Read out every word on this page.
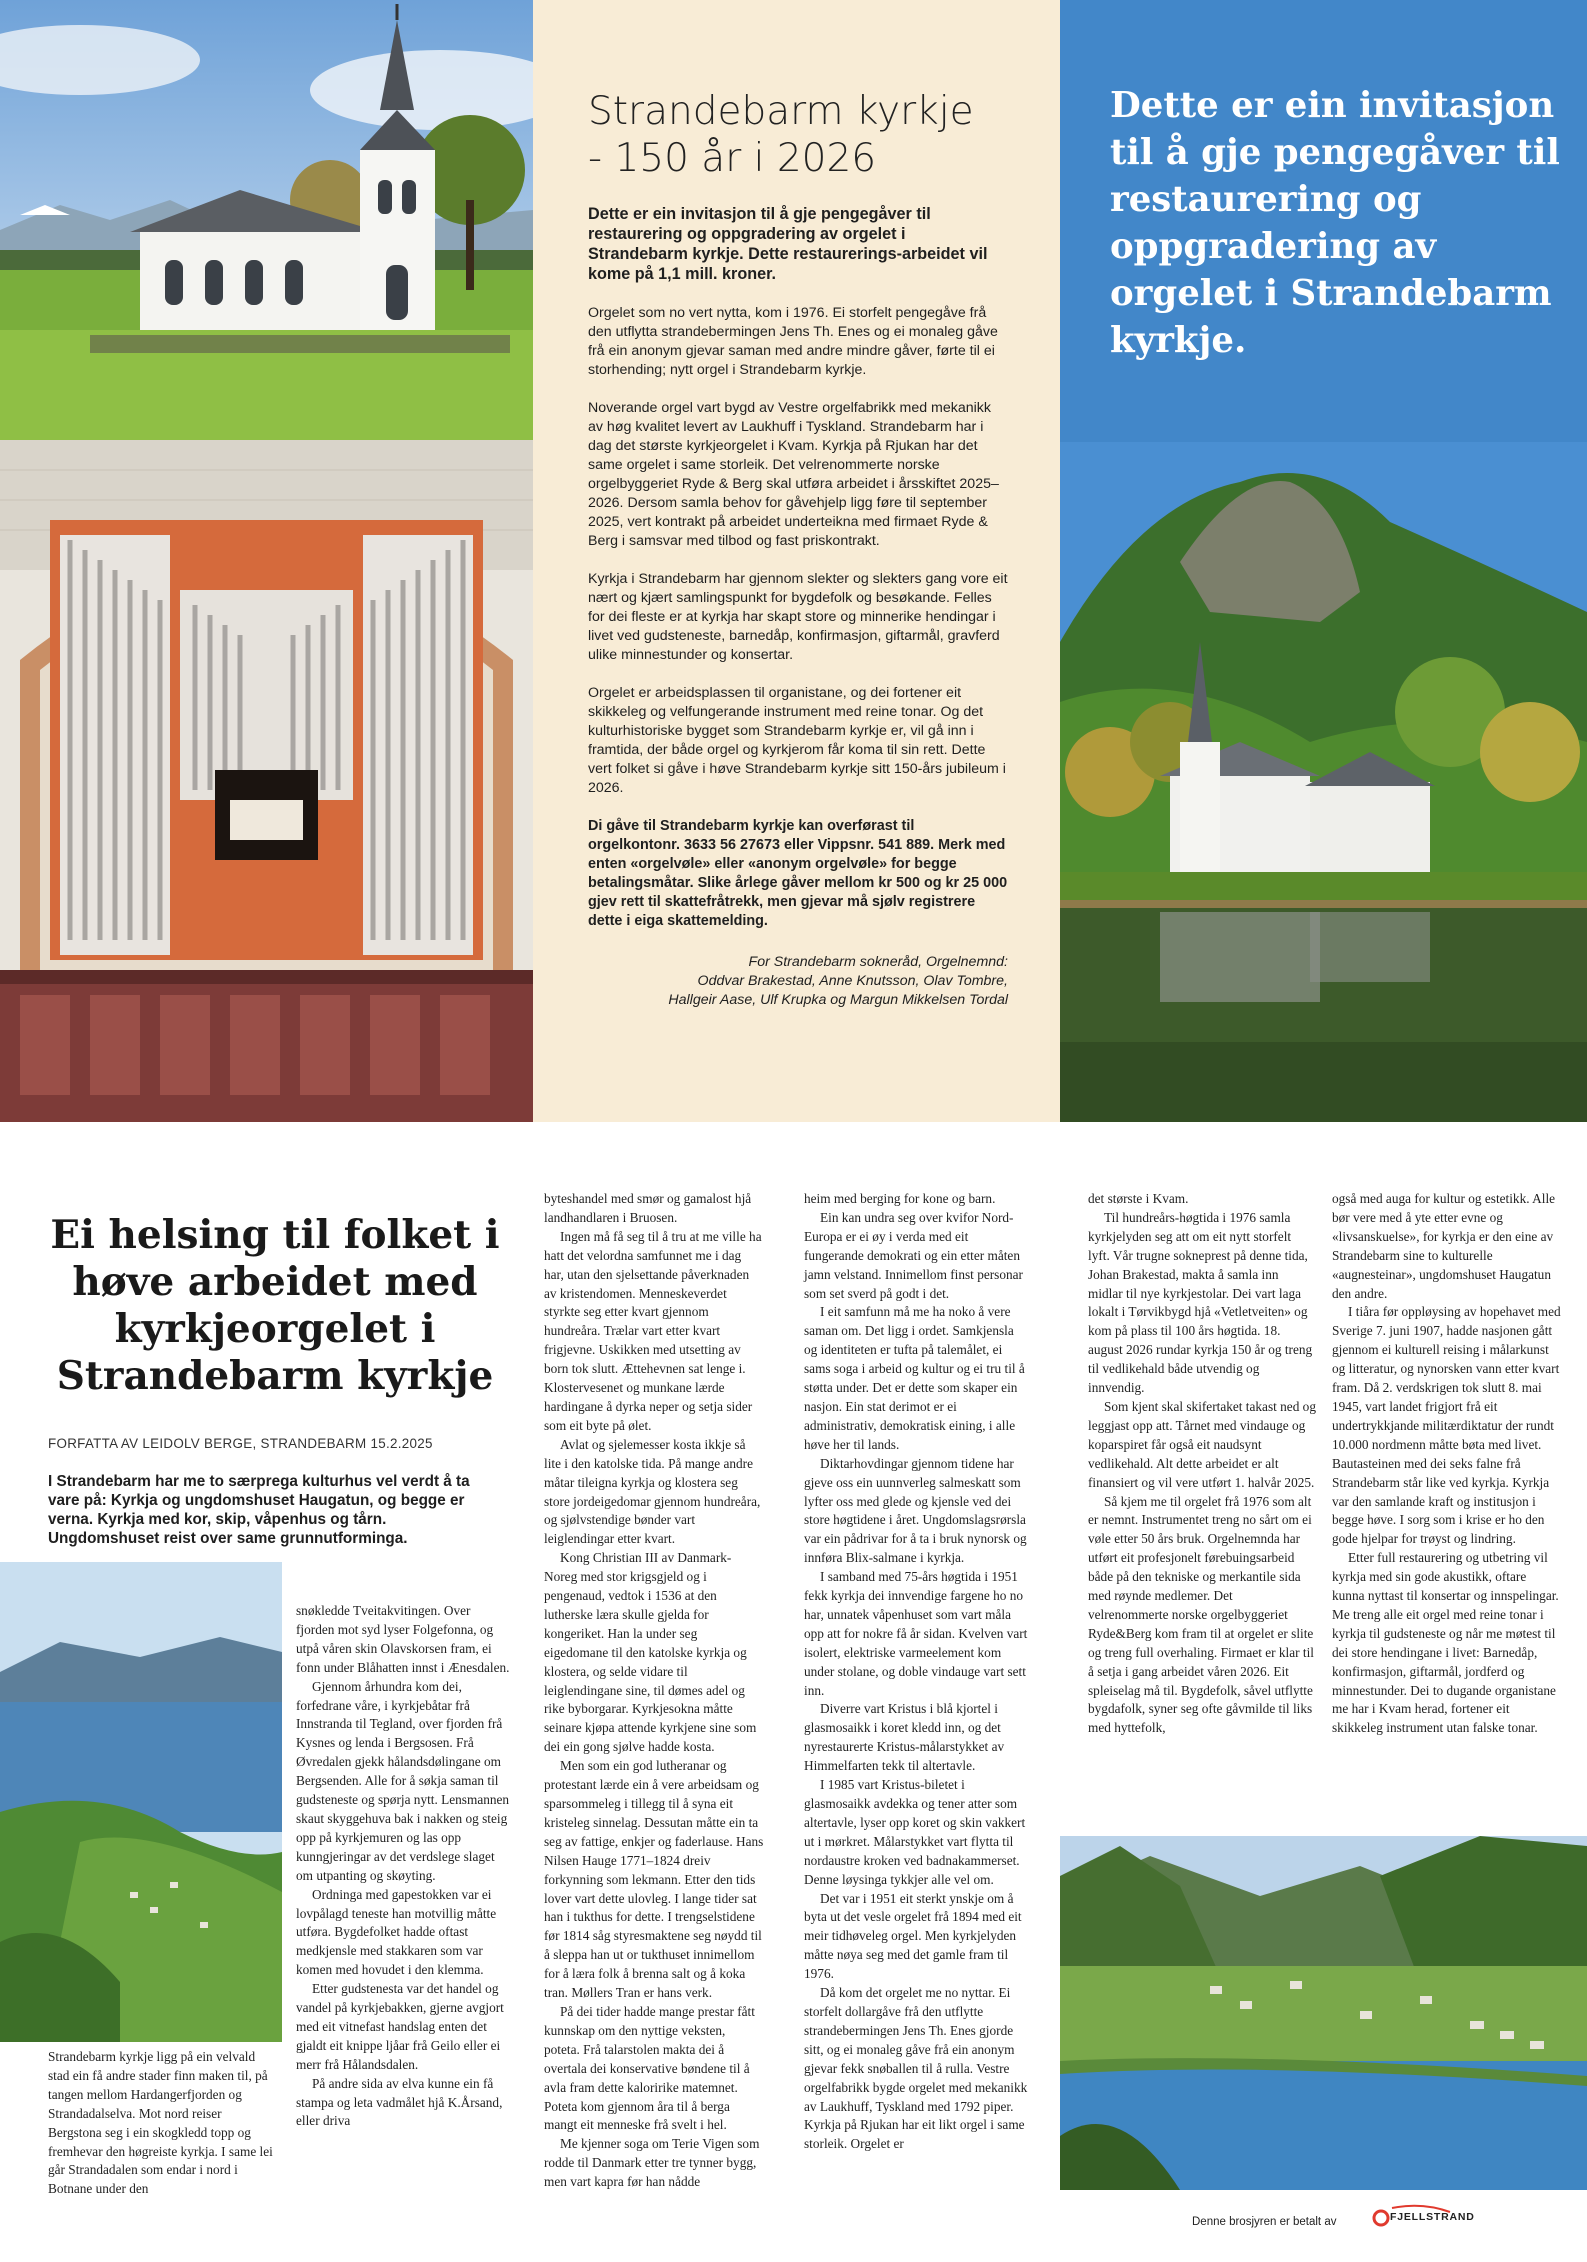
Strandebarm kyrkje
- 150 år i 2026

Dette er ein invitasjon til å gje pengegåver til restaurering og oppgradering av orgelet i Strandebarm kyrkje. Dette restaurerings-arbeidet vil kome på 1,1 mill. kroner.

Orgelet som no vert nytta, kom i 1976. Ei storfelt pengegåve frå den utflytta strandebermingen Jens Th. Enes og ei monaleg gåve frå ein anonym gjevar saman med andre mindre gåver, førte til ei storhending; nytt orgel i Strandebarm kyrkje.

Noverande orgel vart bygd av Vestre orgelfabrikk med mekanikk av høg kvalitet levert av Laukhuff i Tyskland. Strandebarm har i dag det største kyrkjeorgelet i Kvam. Kyrkja på Rjukan har det same orgelet i same storleik. Det velrenommerte norske orgelbyggeriet Ryde & Berg skal utføra arbeidet i årsskiftet 2025–2026. Dersom samla behov for gåvehjelp ligg føre til september 2025, vert kontrakt på arbeidet underteikna med firmaet Ryde & Berg i samsvar med tilbod og fast priskontrakt.

Kyrkja i Strandebarm har gjennom slekter og slekters gang vore eit nært og kjært samlingspunkt for bygdefolk og besøkande. Felles for dei fleste er at kyrkja har skapt store og minnerike hendingar i livet ved gudsteneste, barnedåp, konfirmasjon, giftarmål, gravferd ulike minnestunder og konsertar.

Orgelet er arbeidsplassen til organistane, og dei fortener eit skikkeleg og velfungerande instrument med reine tonar. Og det kulturhistoriske bygget som Strandebarm kyrkje er, vil gå inn i framtida, der både orgel og kyrkjerom får koma til sin rett. Dette vert folket si gåve i høve Strandebarm kyrkje sitt 150-års jubileum i 2026.

Di gåve til Strandebarm kyrkje kan overførast til orgelkontonr. 3633 56 27673 eller Vippsnr. 541 889. Merk med enten «orgelvøle» eller «anonym orgelvøle» for begge betalingsmåtar. Slike årlege gåver mellom kr 500 og kr 25 000 gjev rett til skattefråtrekk, men gjevar må sjølv registrere dette i eiga skattemelding.

For Strandebarm sokneråd, Orgelnemnd:
Oddvar Brakestad, Anne Knutsson, Olav Tombre,
Hallgeir Aase, Ulf Krupka og Margun Mikkelsen Tordal

Dette er ein invitasjon til å gje pengegåver til restaurering og oppgradering av orgelet i Strandebarm kyrkje.

Ei helsing til folket i høve arbeidet med kyrkjeorgelet i Strandebarm kyrkje

FORFATTA AV LEIDOLV BERGE, STRANDEBARM 15.2.2025

I Strandebarm har me to særprega kulturhus vel verdt å ta vare på: Kyrkja og ungdomshuset Haugatun, og begge er verna. Kyrkja med kor, skip, våpenhus og tårn. Ungdomshuset reist over same grunnutforminga.

Strandebarm kyrkje ligg på ein velvald stad ein få andre stader finn maken til, på tangen mellom Hardangerfjorden og Strandadalselva. Mot nord reiser Bergstona seg i ein skogkledd topp og fremhevar den høgreiste kyrkja. I same lei går Strandadalen som endar i nord i Botnane under den

snøkledde Tveitakvitingen. Over fjorden mot syd lyser Folgefonna, og utpå våren skin Olavskorsen fram, ei fonn under Blåhatten innst i Ænesdalen.

Gjennom århundra kom dei, forfedrane våre, i kyrkjebåtar frå Innstranda til Tegland, over fjorden frå Kysnes og lenda i Bergsosen. Frå Øvredalen gjekk hålandsdølingane om Bergsenden. Alle for å søkja saman til gudsteneste og spørja nytt. Lensmannen skaut skyggehuva bak i nakken og steig opp på kyrkjemuren og las opp kunngjeringar av det verdslege slaget om utpanting og skøyting.

Ordninga med gapestokken var ei lovpålagd teneste han motvillig måtte utføra. Bygdefolket hadde oftast medkjensle med stakkaren som var komen med hovudet i den klemma.

Etter gudstenesta var det handel og vandel på kyrkjebakken, gjerne avgjort med eit vitnefast handslag enten det gjaldt eit knippe ljåar frå Geilo eller ei merr frå Hålandsdalen.

På andre sida av elva kunne ein få stampa og leta vadmålet hjå K.Årsand, eller driva

byteshandel med smør og gamalost hjå landhandlaren i Bruosen.

Ingen må få seg til å tru at me ville ha hatt det velordna samfunnet me i dag har, utan den sjelsettande påverknaden av kristendomen. Menneskeverdet styrkte seg etter kvart gjennom hundreåra. Trælar vart etter kvart frigjevne. Uskikken med utsetting av born tok slutt. Ættehevnen sat lenge i. Klostervesenet og munkane lærde hardingane å dyrka neper og setja sider som eit byte på ølet.

Avlat og sjelemesser kosta ikkje så lite i den katolske tida. På mange andre måtar tileigna kyrkja og klostera seg store jordeigedomar gjennom hundreåra, og sjølvstendige bønder vart leiglendingar etter kvart.

Kong Christian III av Danmark-Noreg med stor krigsgjeld og i pengenaud, vedtok i 1536 at den lutherske læra skulle gjelda for kongeriket. Han la under seg eigedomane til den katolske kyrkja og klostera, og selde vidare til leiglendingane sine, til dømes adel og rike byborgarar. Kyrkjesokna måtte seinare kjøpa attende kyrkjene sine som dei ein gong sjølve hadde kosta.

Men som ein god lutheranar og protestant lærde ein å vere arbeidsam og sparsommeleg i tillegg til å syna eit kristeleg sinnelag. Dessutan måtte ein ta seg av fattige, enkjer og faderlause. Hans Nilsen Hauge 1771–1824 dreiv forkynning som lekmann. Etter den tids lover vart dette ulovleg. I lange tider sat han i tukthus for dette. I trengselstidene før 1814 såg styresmaktene seg nøydd til å sleppa han ut or tukthuset innimellom for å læra folk å brenna salt og å koka tran. Møllers Tran er hans verk.

På dei tider hadde mange prestar fått kunnskap om den nyttige veksten, poteta. Frå talarstolen makta dei å overtala dei konservative bøndene til å avla fram dette kaloririke matemnet. Poteta kom gjennom åra til å berga mangt eit menneske frå svelt i hel.

Me kjenner soga om Terie Vigen som rodde til Danmark etter tre tynner bygg, men vart kapra før han nådde

heim med berging for kone og barn.

Ein kan undra seg over kvifor Nord-Europa er ei øy i verda med eit fungerande demokrati og ein etter måten jamn velstand. Innimellom finst personar som set sverd på godt i det.

I eit samfunn må me ha noko å vere saman om. Det ligg i ordet. Samkjensla og identiteten er tufta på talemålet, ei sams soga i arbeid og kultur og ei tru til å støtta under. Det er dette som skaper ein nasjon. Ein stat derimot er ei administrativ, demokratisk eining, i alle høve her til lands.

Diktarhovdingar gjennom tidene har gjeve oss ein uunnverleg salmeskatt som lyfter oss med glede og kjensle ved dei store høgtidene i året. Ungdomslagsrørsla var ein pådrivar for å ta i bruk nynorsk og innføra Blix-salmane i kyrkja.

I samband med 75-års høgtida i 1951 fekk kyrkja dei innvendige fargene ho no har, unnatek våpenhuset som vart måla opp att for nokre få år sidan. Kvelven vart isolert, elektriske varmeelement kom under stolane, og doble vindauge vart sett inn.

Diverre vart Kristus i blå kjortel i glasmosaikk i koret kledd inn, og det nyrestaurerte Kristus-målarstykket av Himmelfarten tekk til altertavle.

I 1985 vart Kristus-biletet i glasmosaikk avdekka og tener atter som altertavle, lyser opp koret og skin vakkert ut i mørkret. Målarstykket vart flytta til nordaustre kroken ved badnakammerset. Denne løysinga tykkjer alle vel om.

Det var i 1951 eit sterkt ynskje om å byta ut det vesle orgelet frå 1894 med eit meir tidhøveleg orgel. Men kyrkjelyden måtte nøya seg med det gamle fram til 1976.

Då kom det orgelet me no nyttar. Ei storfelt dollargåve frå den utflytte strandebermingen Jens Th. Enes gjorde sitt, og ei monaleg gåve frå ein anonym gjevar fekk snøballen til å rulla. Vestre orgelfabrikk bygde orgelet med mekanikk av Laukhuff, Tyskland med 1792 piper. Kyrkja på Rjukan har eit likt orgel i same storleik. Orgelet er

det største i Kvam.

Til hundreårs-høgtida i 1976 samla kyrkjelyden seg att om eit nytt storfelt lyft. Vår trugne sokneprest på denne tida, Johan Brakestad, makta å samla inn midlar til nye kyrkjestolar. Dei vart laga lokalt i Tørvikbygd hjå «Vetletveiten» og kom på plass til 100 års høgtida. 18. august 2026 rundar kyrkja 150 år og treng til vedlikehald både utvendig og innvendig.

Som kjent skal skifertaket takast ned og leggjast opp att. Tårnet med vindauge og koparspiret får også eit naudsynt vedlikehald. Alt dette arbeidet er alt finansiert og vil vere utført 1. halvår 2025.

Så kjem me til orgelet frå 1976 som alt er nemnt. Instrumentet treng no sårt om ei vøle etter 50 års bruk. Orgelnemnda har utført eit profesjonelt førebuingsarbeid både på den tekniske og merkantile sida med røynde medlemer. Det velrenommerte norske orgelbyggeriet Ryde&Berg kom fram til at orgelet er slite og treng full overhaling. Firmaet er klar til å setja i gang arbeidet våren 2026. Eit spleiselag må til. Bygdefolk, såvel utflytte bygdafolk, syner seg ofte gåvmilde til liks med hyttefolk,

også med auga for kultur og estetikk. Alle bør vere med å yte etter evne og «livsanskuelse», for kyrkja er den eine av Strandebarm sine to kulturelle «augnesteinar», ungdomshuset Haugatun den andre.

I tiåra før oppløysing av hopehavet med Sverige 7. juni 1907, hadde nasjonen gått gjennom ei kulturell reising i målarkunst og litteratur, og nynorsken vann etter kvart fram. Då 2. verdskrigen tok slutt 8. mai 1945, vart landet frigjort frå eit undertrykkjande militærdiktatur der rundt 10.000 nordmenn måtte bøta med livet. Bautasteinen med dei seks falne frå Strandebarm står like ved kyrkja. Kyrkja var den samlande kraft og institusjon i begge høve. I sorg som i krise er ho den gode hjelpar for trøyst og lindring.

Etter full restaurering og utbetring vil kyrkja med sin gode akustikk, oftare kunna nyttast til konsertar og innspelingar. Me treng alle eit orgel med reine tonar i kyrkja til gudsteneste og når me møtest til dei store hendingane i livet: Barnedåp, konfirmasjon, giftarmål, jordferd og minnestunder. Dei to dugande organistane me har i Kvam herad, fortener eit skikkeleg instrument utan falske tonar.

Denne brosjyren er betalt av	FJELLSTRAND
